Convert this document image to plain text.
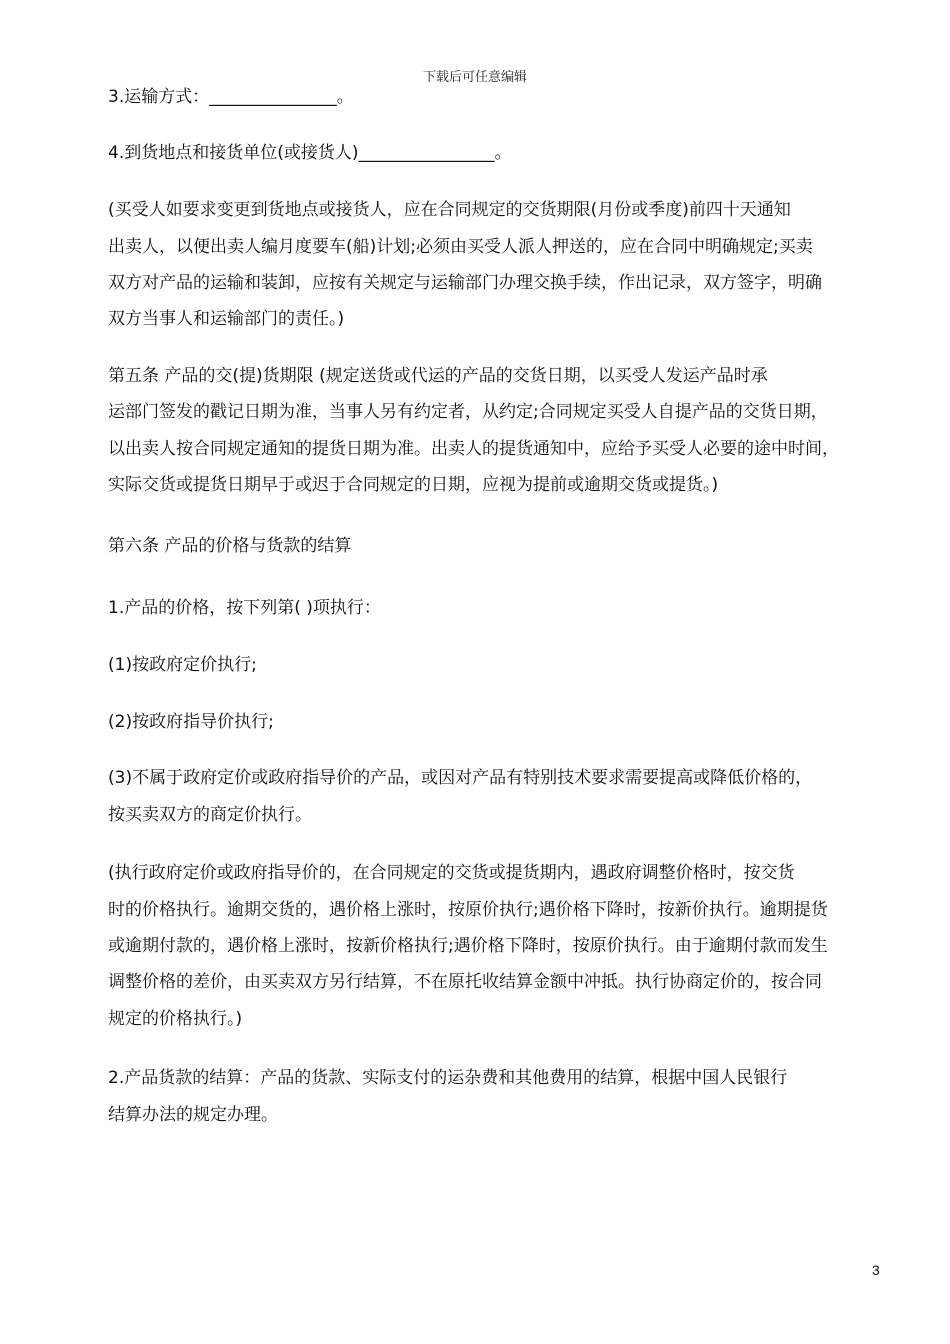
下载后可任意编辑
3.运输方式：_______________。
4.到货地点和接货单位(或接货人)________________。
(买受人如要求变更到货地点或接货人，应在合同规定的交货期限(月份或季度)前四十天通知
出卖人，以便出卖人编月度要车(船)计划;必须由买受人派人押送的，应在合同中明确规定;买卖
双方对产品的运输和装卸，应按有关规定与运输部门办理交换手续，作出记录，双方签字，明确
双方当事人和运输部门的责任。)
第五条 产品的交(提)货期限 (规定送货或代运的产品的交货日期，以买受人发运产品时承
运部门签发的戳记日期为准，当事人另有约定者，从约定;合同规定买受人自提产品的交货日期，
以出卖人按合同规定通知的提货日期为准。出卖人的提货通知中，应给予买受人必要的途中时间，
实际交货或提货日期早于或迟于合同规定的日期，应视为提前或逾期交货或提货。)
第六条 产品的价格与货款的结算
1.产品的价格，按下列第( )项执行：
(1)按政府定价执行;
(2)按政府指导价执行;
(3)不属于政府定价或政府指导价的产品，或因对产品有特别技术要求需要提高或降低价格的，
按买卖双方的商定价执行。
(执行政府定价或政府指导价的，在合同规定的交货或提货期内，遇政府调整价格时，按交货
时的价格执行。逾期交货的，遇价格上涨时，按原价执行;遇价格下降时，按新价执行。逾期提货
或逾期付款的，遇价格上涨时，按新价格执行;遇价格下降时，按原价执行。由于逾期付款而发生
调整价格的差价，由买卖双方另行结算，不在原托收结算金额中冲抵。执行协商定价的，按合同
规定的价格执行。)
2.产品货款的结算：产品的货款、实际支付的运杂费和其他费用的结算，根据中国人民银行
结算办法的规定办理。
3
